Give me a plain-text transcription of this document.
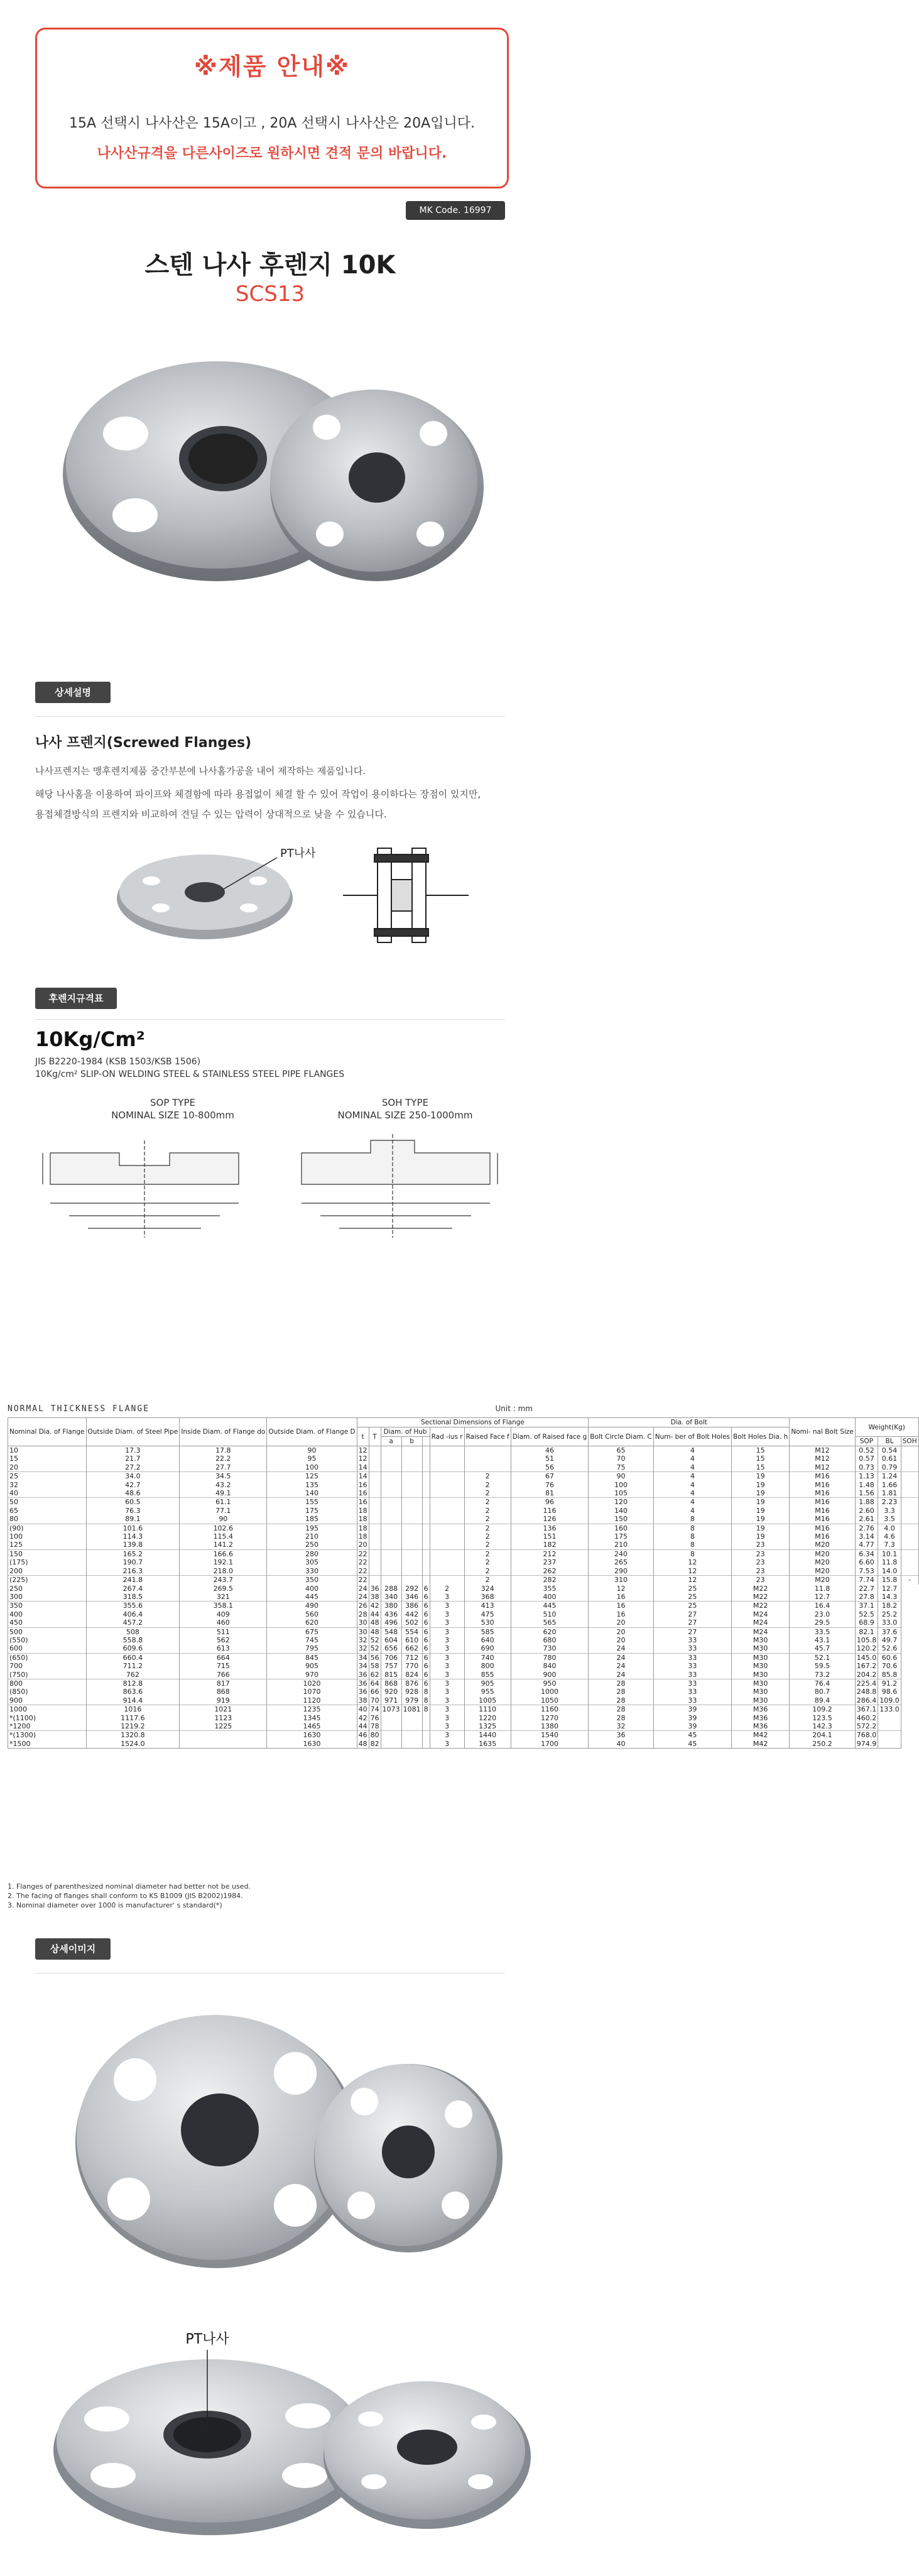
※제품 안내※
15A 선택시 나사산은 15A이고 , 20A 선택시 나사산은 20A입니다.
나사산규격을 다른사이즈로 원하시면 견적 문의 바랍니다.
MK Code. 16997
스텐 나사 후렌지 10K
SCS13
상세설명
나사 프렌지(Screwed Flanges)
나사프렌지는 맹후렌지제품 중간부분에 나사홈가공을 내어 제작하는 제품입니다.
해당 나사홈을 이용하여 파이프와 체결함에 따라 용접없이 체결 할 수 있어 작업이 용이하다는 장점이 있지만,
용접체결방식의 프렌지와 비교하여 견딜 수 있는 압력이 상대적으로 낮을 수 있습니다.
PT나사
후렌지규격표
10Kg/Cm²
JIS B2220-1984 (KSB 1503/KSB 1506)
10Kg/cm² SLIP-ON WELDING STEEL & STAINLESS STEEL PIPE FLANGES
SOP TYPE
NOMINAL SIZE 10-800mm
SOH TYPE
NOMINAL SIZE 250-1000mm
NORMAL THICKNESS FLANGE	Unit : mm
Nominal Dia. of Flange	Outside Diam. of Steel Pipe	Inside Diam. of Flange do	Outside Diam. of Flange D	Sectional Dimensions of Flange								Dia. of Bolt			Nomi- nal Bolt Size	Weight(Kg)		
				t	T	Diam. of Hub			Rad -ius r	Raised Face f	Diam. of Raised face g	Bolt Circle Diam. C	Num- ber of Bolt Holes	Bolt Holes Dia. h				
						a	b									SOP	BL	SOH
10	17.3	17.8	90	12							46	65	4	15	M12	0.52	0.54	
15	21.7	22.2	95	12							51	70	4	15	M12	0.57	0.61	
20	27.2	27.7	100	14							56	75	4	15	M12	0.73	0.79	
25	34.0	34.5	125	14						2	67	90	4	19	M16	1.13	1.24	
32	42.7	43.2	135	16						2	76	100	4	19	M16	1.48	1.66	
40	48.6	49.1	140	16						2	81	105	4	19	M16	1.56	1.81	
50	60.5	61.1	155	16						2	96	120	4	19	M16	1.88	2.23	
65	76.3	77.1	175	18						2	116	140	4	19	M16	2.60	3.3	
80	89.1	90	185	18						2	126	150	8	19	M16	2.61	3.5	
(90)	101.6	102.6	195	18						2	136	160	8	19	M16	2.76	4.0	
100	114.3	115.4	210	18						2	151	175	8	19	M16	3.14	4.6	
125	139.8	141.2	250	20						2	182	210	8	23	M20	4.77	7.3	
150	165.2	166.6	280	22						2	212	240	8	23	M20	6.34	10.1	
(175)	190.7	192.1	305	22						2	237	265	12	23	M20	6.60	11.8	
200	216.3	218.0	330	22						2	262	290	12	23	M20	7.53	14.0	
(225)	241.8	243.7	350	22						2	282	310	12	23	M20	7.74	15.8	-
250	267.4	269.5	400	24	36	288	292	6	2	324	355	12	25	M22	11.8	22.7	12.7	
300	318.5	321	445	24	38	340	346	6	3	368	400	16	25	M22	12.7	27.8	14.3	
350	355.6	358.1	490	26	42	380	386	6	3	413	445	16	25	M22	16.4	37.1	18.2	
400	406.4	409	560	28	44	436	442	6	3	475	510	16	27	M24	23.0	52.5	25.2	
450	457.2	460	620	30	48	496	502	6	3	530	565	20	27	M24	29.5	68.9	33.0	
500	508	511	675	30	48	548	554	6	3	585	620	20	27	M24	33.5	82.1	37.6	
(550)	558.8	562	745	32	52	604	610	6	3	640	680	20	33	M30	43.1	105.8	49.7	
600	609.6	613	795	32	52	656	662	6	3	690	730	24	33	M30	45.7	120.2	52.6	
(650)	660.4	664	845	34	56	706	712	6	3	740	780	24	33	M30	52.1	145.0	60.6	
700	711.2	715	905	34	58	757	770	6	3	800	840	24	33	M30	59.5	167.2	70.6	
(750)	762	766	970	36	62	815	824	6	3	855	900	24	33	M30	73.2	204.2	85.8	
800	812.8	817	1020	36	64	868	876	6	3	905	950	28	33	M30	76.4	225.4	91.2	
(850)	863.6	868	1070	36	66	920	928	8	3	955	1000	28	33	M30	80.7	248.8	98.6	
900	914.4	919	1120	38	70	971	979	8	3	1005	1050	28	33	M30	89.4	286.4	109.0	
1000	1016	1021	1235	40	74	1073	1081	8	3	1110	1160	28	39	M36	109.2	367.1	133.0	
*(1100)	1117.6	1123	1345	42	76				3	1220	1270	28	39	M36	123.5	460.2		
*1200	1219.2	1225	1465	44	78				3	1325	1380	32	39	M36	142.3	572.2		
*(1300)	1320.8		1630	46	80				3	1440	1540	36	45	M42	204.1	768.0		
*1500	1524.0		1630	48	82				3	1635	1700	40	45	M42	250.2	974.9		
1. Flanges of parenthesized nominal diameter had better not be used.
2. The facing of flanges shall conform to KS B1009 (JIS B2002)1984.
3. Nominal diameter over 1000 is manufacturer' s standard(*)
상세이미지
PT나사
